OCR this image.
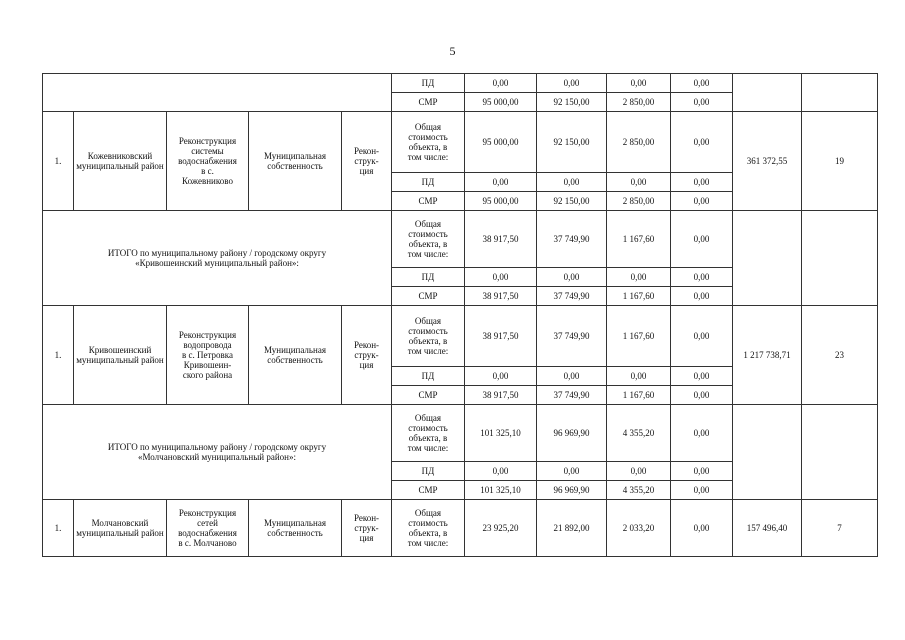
5
					ПД	0,00	0,00	0,00	0,00		
					СМР	95 000,00	92 150,00	2 850,00	0,00		
1.	Кожевниковский муниципальный район	Реконструкция
системы
водоснабжения
в с.
Кожевниково	Муниципальная собственность	Рекон-
струк-
ция	Общая
стоимость
объекта, в
том числе:	95 000,00	92 150,00	2 850,00	0,00	361 372,55	19
					ПД	0,00	0,00	0,00	0,00		
					СМР	95 000,00	92 150,00	2 850,00	0,00		
ИТОГО по муниципальному району / городскому округу
«Кривошеинский муниципальный район»:					Общая
стоимость
объекта, в
том числе:	38 917,50	37 749,90	1 167,60	0,00		
					ПД	0,00	0,00	0,00	0,00		
					СМР	38 917,50	37 749,90	1 167,60	0,00		
1.	Кривошеинский муниципальный район	Реконструкция
водопровода
в с. Петровка
Кривошеин-
ского района	Муниципальная собственность	Рекон-
струк-
ция	Общая
стоимость
объекта, в
том числе:	38 917,50	37 749,90	1 167,60	0,00	1 217 738,71	23
					ПД	0,00	0,00	0,00	0,00		
					СМР	38 917,50	37 749,90	1 167,60	0,00		
ИТОГО по муниципальному району / городскому округу
«Молчановский муниципальный район»:					Общая
стоимость
объекта, в
том числе:	101 325,10	96 969,90	4 355,20	0,00		
					ПД	0,00	0,00	0,00	0,00		
					СМР	101 325,10	96 969,90	4 355,20	0,00		
1.	Молчановский муниципальный район	Реконструкция
сетей
водоснабжения
в с. Молчаново	Муниципальная собственность	Рекон-
струк-
ция	Общая
стоимость
объекта, в
том числе:	23 925,20	21 892,00	2 033,20	0,00	157 496,40	7
